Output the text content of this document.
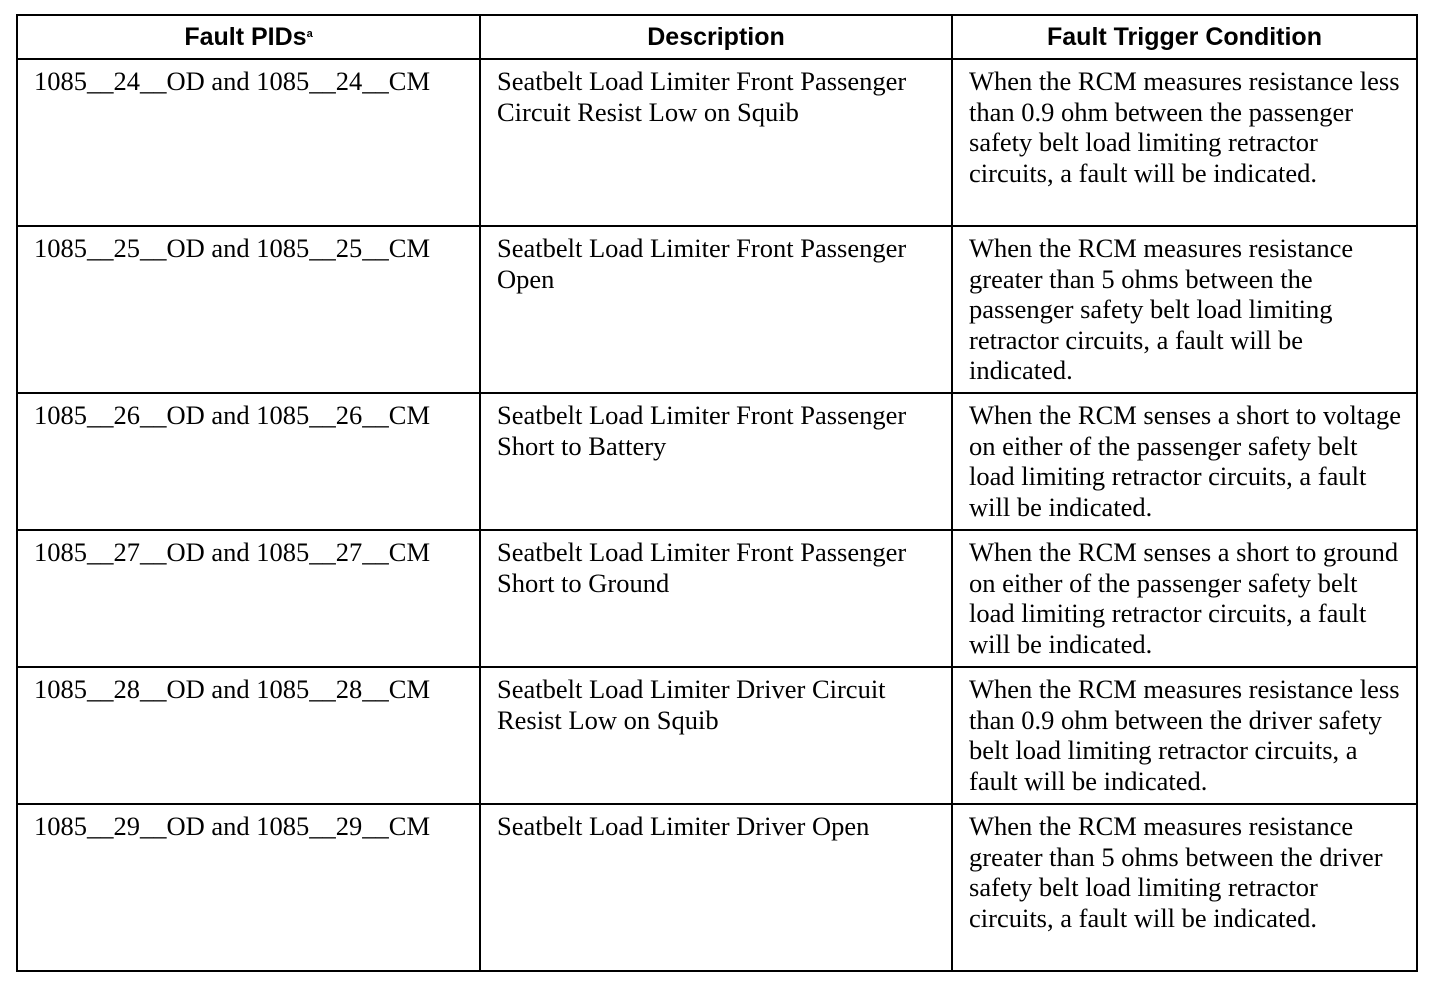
Fault PIDs$^a$	Description	Fault Trigger Condition
1085__24__OD and 1085__24__CM	Seatbelt Load Limiter Front Passenger Circuit Resist Low on Squib	When the RCM measures resistance less than 0.9 ohm between the passenger safety belt load limiting retractor circuits, a fault will be indicated.
1085__25__OD and 1085__25__CM	Seatbelt Load Limiter Front Passenger Open	When the RCM measures resistance greater than 5 ohms between the passenger safety belt load limiting retractor circuits, a fault will be indicated.
1085__26__OD and 1085__26__CM	Seatbelt Load Limiter Front Passenger Short to Battery	When the RCM senses a short to voltage on either of the passenger safety belt load limiting retractor circuits, a fault will be indicated.
1085__27__OD and 1085__27__CM	Seatbelt Load Limiter Front Passenger Short to Ground	When the RCM senses a short to ground on either of the passenger safety belt load limiting retractor circuits, a fault will be indicated.
1085__28__OD and 1085__28__CM	Seatbelt Load Limiter Driver Circuit Resist Low on Squib	When the RCM measures resistance less than 0.9 ohm between the driver safety belt load limiting retractor circuits, a fault will be indicated.
1085__29__OD and 1085__29__CM	Seatbelt Load Limiter Driver Open	When the RCM measures resistance greater than 5 ohms between the driver safety belt load limiting retractor circuits, a fault will be indicated.
